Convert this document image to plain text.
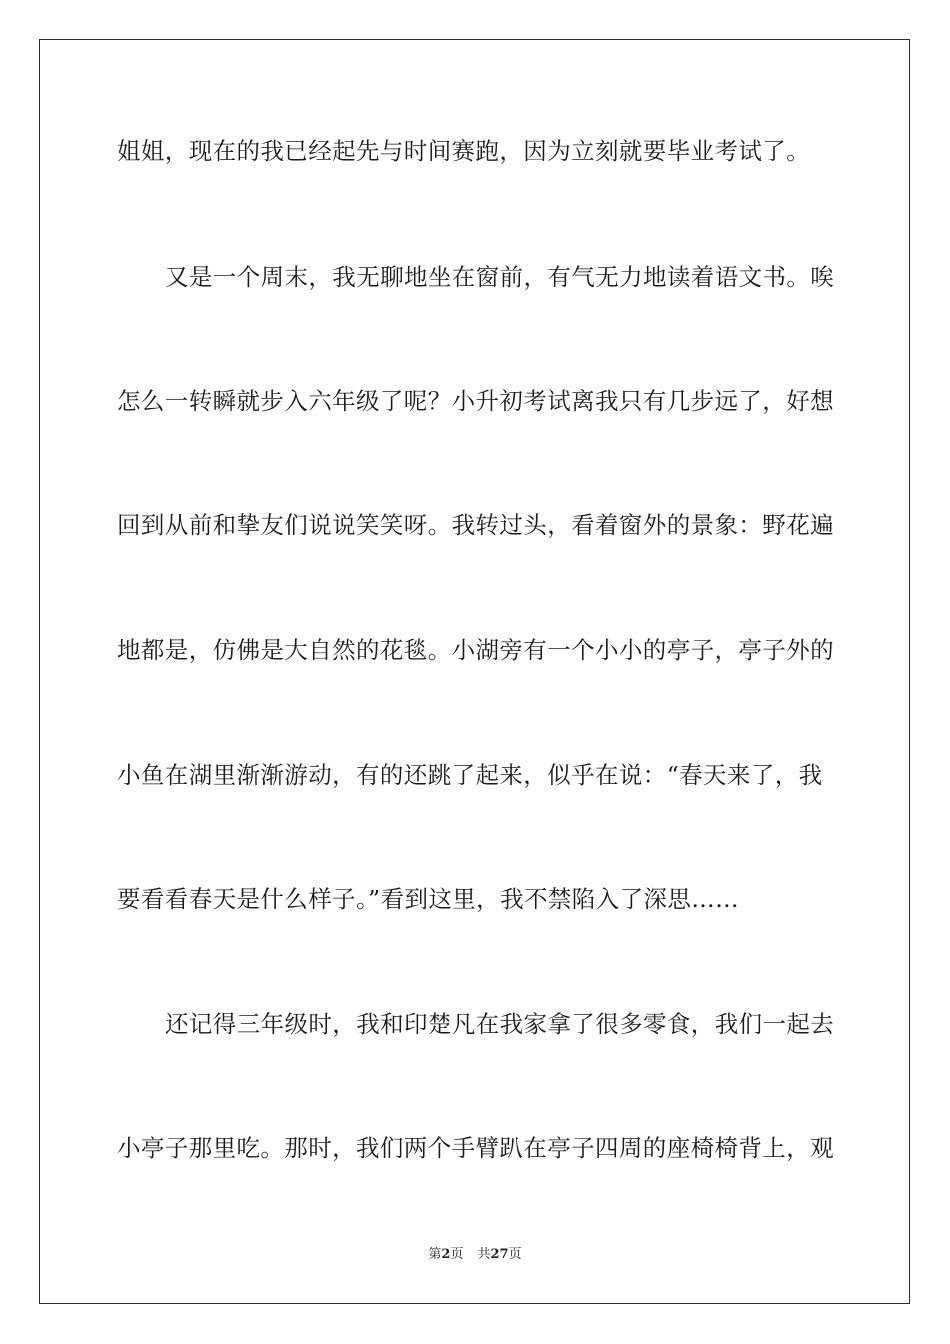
姐姐，现在的我已经起先与时间赛跑，因为立刻就要毕业考试了。
又是一个周末，我无聊地坐在窗前，有气无力地读着语文书。唉
怎么一转瞬就步入六年级了呢？小升初考试离我只有几步远了，好想
回到从前和挚友们说说笑笑呀。我转过头，看着窗外的景象：野花遍
地都是，仿佛是大自然的花毯。小湖旁有一个小小的亭子，亭子外的
小鱼在湖里渐渐游动，有的还跳了起来，似乎在说：“春天来了，我
要看看春天是什么样子。”看到这里，我不禁陷入了深思……
还记得三年级时，我和印楚凡在我家拿了很多零食，我们一起去
小亭子那里吃。那时，我们两个手臂趴在亭子四周的座椅椅背上，观
第2页 共27页
